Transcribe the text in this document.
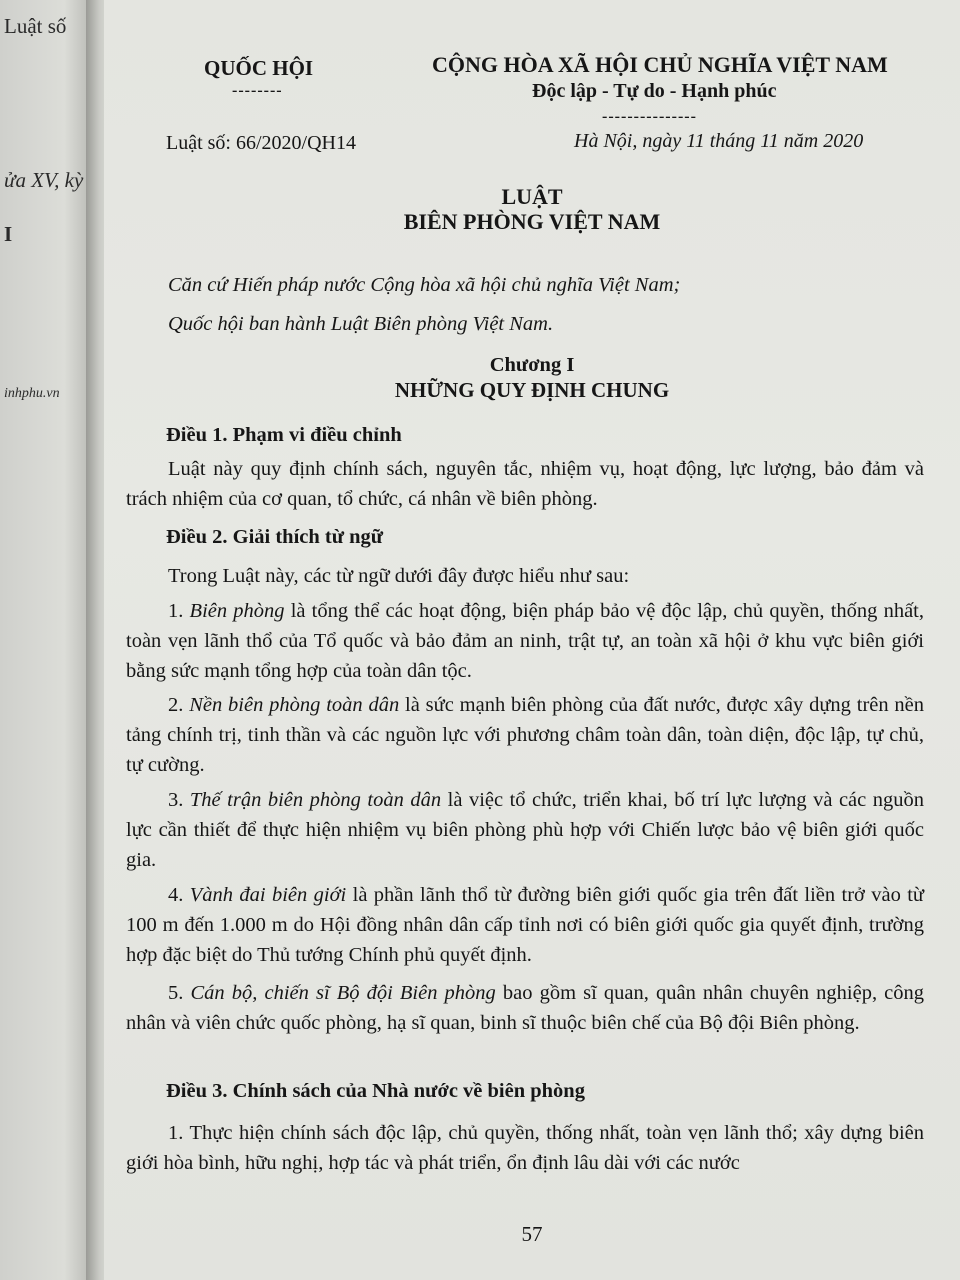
Luật số
ửa XV, kỳ
I
inhphu.vn
QUỐC HỘI
--------
CỘNG HÒA XÃ HỘI CHỦ NGHĨA VIỆT NAM
Độc lập - Tự do - Hạnh phúc
---------------
Luật số: 66/2020/QH14	Hà Nội, ngày 11 tháng 11 năm 2020
LUẬT
BIÊN PHÒNG VIỆT NAM
Căn cứ Hiến pháp nước Cộng hòa xã hội chủ nghĩa Việt Nam;
Quốc hội ban hành Luật Biên phòng Việt Nam.
Chương I
NHỮNG QUY ĐỊNH CHUNG
Điều 1. Phạm vi điều chỉnh
Luật này quy định chính sách, nguyên tắc, nhiệm vụ, hoạt động, lực lượng, bảo đảm và trách nhiệm của cơ quan, tổ chức, cá nhân về biên phòng.
Điều 2. Giải thích từ ngữ
Trong Luật này, các từ ngữ dưới đây được hiểu như sau:
1. Biên phòng là tổng thể các hoạt động, biện pháp bảo vệ độc lập, chủ quyền, thống nhất, toàn vẹn lãnh thổ của Tổ quốc và bảo đảm an ninh, trật tự, an toàn xã hội ở khu vực biên giới bằng sức mạnh tổng hợp của toàn dân tộc.
2. Nền biên phòng toàn dân là sức mạnh biên phòng của đất nước, được xây dựng trên nền tảng chính trị, tinh thần và các nguồn lực với phương châm toàn dân, toàn diện, độc lập, tự chủ, tự cường.
3. Thế trận biên phòng toàn dân là việc tổ chức, triển khai, bố trí lực lượng và các nguồn lực cần thiết để thực hiện nhiệm vụ biên phòng phù hợp với Chiến lược bảo vệ biên giới quốc gia.
4. Vành đai biên giới là phần lãnh thổ từ đường biên giới quốc gia trên đất liền trở vào từ 100 m đến 1.000 m do Hội đồng nhân dân cấp tỉnh nơi có biên giới quốc gia quyết định, trường hợp đặc biệt do Thủ tướng Chính phủ quyết định.
5. Cán bộ, chiến sĩ Bộ đội Biên phòng bao gồm sĩ quan, quân nhân chuyên nghiệp, công nhân và viên chức quốc phòng, hạ sĩ quan, binh sĩ thuộc biên chế của Bộ đội Biên phòng.
Điều 3. Chính sách của Nhà nước về biên phòng
1. Thực hiện chính sách độc lập, chủ quyền, thống nhất, toàn vẹn lãnh thổ; xây dựng biên giới hòa bình, hữu nghị, hợp tác và phát triển, ổn định lâu dài với các nước
57
